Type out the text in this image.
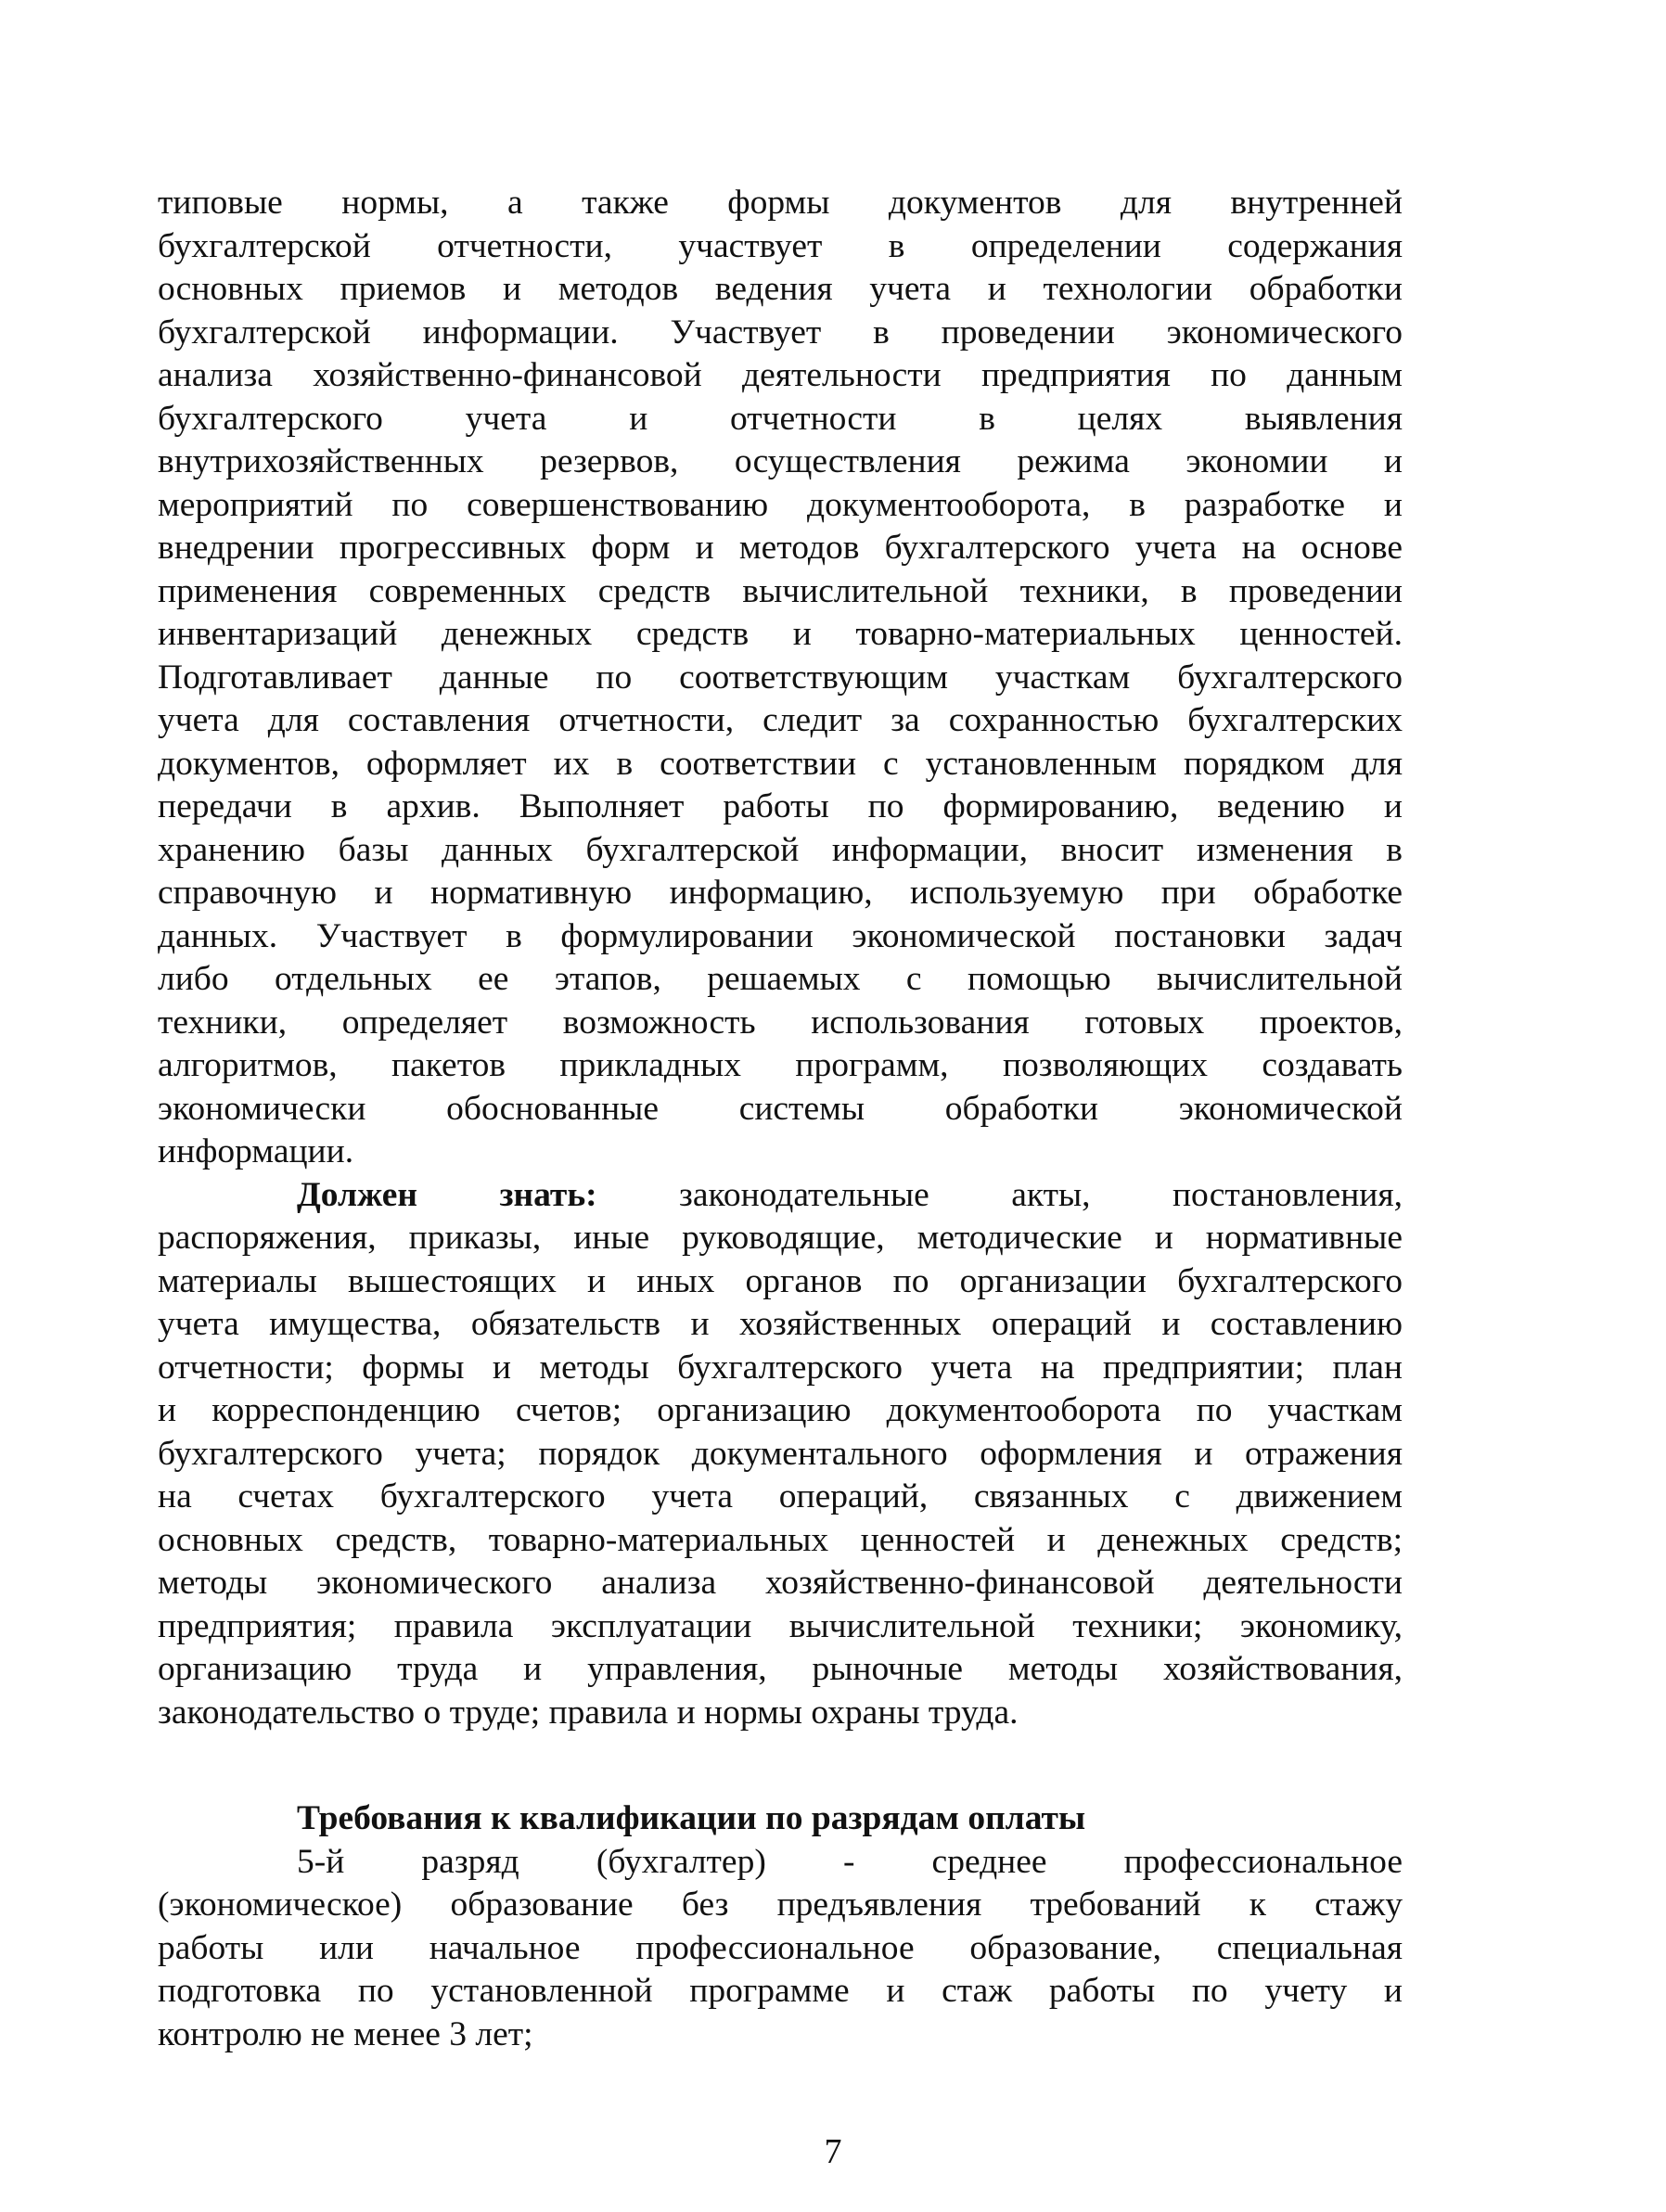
типовые нормы, а также формы документов для внутренней
бухгалтерской отчетности, участвует в определении содержания
основных приемов и методов ведения учета и технологии обработки
бухгалтерской информации. Участвует в проведении экономического
анализа хозяйственно-финансовой деятельности предприятия по данным
бухгалтерского учета и отчетности в целях выявления
внутрихозяйственных резервов, осуществления режима экономии и
мероприятий по совершенствованию документооборота, в разработке и
внедрении прогрессивных форм и методов бухгалтерского учета на основе
применения современных средств вычислительной техники, в проведении
инвентаризаций денежных средств и товарно-материальных ценностей.
Подготавливает данные по соответствующим участкам бухгалтерского
учета для составления отчетности, следит за сохранностью бухгалтерских
документов, оформляет их в соответствии с установленным порядком для
передачи в архив. Выполняет работы по формированию, ведению и
хранению базы данных бухгалтерской информации, вносит изменения в
справочную и нормативную информацию, используемую при обработке
данных. Участвует в формулировании экономической постановки задач
либо отдельных ее этапов, решаемых с помощью вычислительной
техники, определяет возможность использования готовых проектов,
алгоритмов, пакетов прикладных программ, позволяющих создавать
экономически обоснованные системы обработки экономической
информации.
Должен знать: законодательные акты, постановления,
распоряжения, приказы, иные руководящие, методические и нормативные
материалы вышестоящих и иных органов по организации бухгалтерского
учета имущества, обязательств и хозяйственных операций и составлению
отчетности; формы и методы бухгалтерского учета на предприятии; план
и корреспонденцию счетов; организацию документооборота по участкам
бухгалтерского учета; порядок документального оформления и отражения
на счетах бухгалтерского учета операций, связанных с движением
основных средств, товарно-материальных ценностей и денежных средств;
методы экономического анализа хозяйственно-финансовой деятельности
предприятия; правила эксплуатации вычислительной техники; экономику,
организацию труда и управления, рыночные методы хозяйствования,
законодательство о труде; правила и нормы охраны труда.
Требования к квалификации по разрядам оплаты
5-й разряд (бухгалтер) - среднее профессиональное
(экономическое) образование без предъявления требований к стажу
работы или начальное профессиональное образование, специальная
подготовка по установленной программе и стаж работы по учету и
контролю не менее 3 лет;
7
